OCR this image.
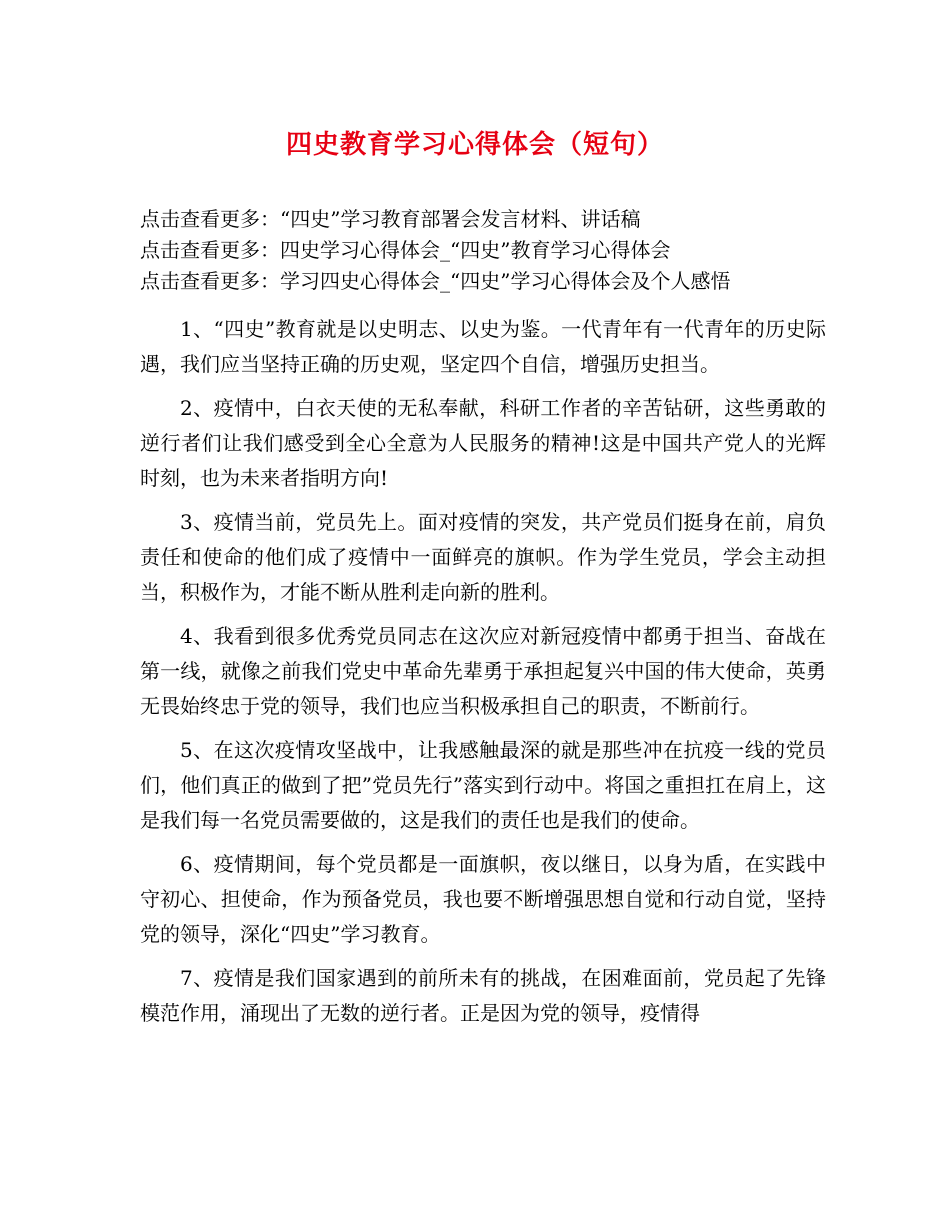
四史教育学习心得体会（短句）
点击查看更多：“四史”学习教育部署会发言材料、讲话稿
点击查看更多：四史学习心得体会_“四史”教育学习心得体会
点击查看更多：学习四史心得体会_“四史”学习心得体会及个人感悟

1、“四史”教育就是以史明志、以史为鉴。一代青年有一代青年的历史际遇，我们应当坚持正确的历史观，坚定四个自信，增强历史担当。

2、疫情中，白衣天使的无私奉献，科研工作者的辛苦钻研，这些勇敢的逆行者们让我们感受到全心全意为人民服务的精神!这是中国共产党人的光辉时刻，也为未来者指明方向!

3、疫情当前，党员先上。面对疫情的突发，共产党员们挺身在前，肩负责任和使命的他们成了疫情中一面鲜亮的旗帜。作为学生党员，学会主动担当，积极作为，才能不断从胜利走向新的胜利。

4、我看到很多优秀党员同志在这次应对新冠疫情中都勇于担当、奋战在第一线，就像之前我们党史中革命先辈勇于承担起复兴中国的伟大使命，英勇无畏始终忠于党的领导，我们也应当积极承担自己的职责，不断前行。

5、在这次疫情攻坚战中，让我感触最深的就是那些冲在抗疫一线的党员们，他们真正的做到了把”党员先行”落实到行动中。将国之重担扛在肩上，这是我们每一名党员需要做的，这是我们的责任也是我们的使命。

6、疫情期间，每个党员都是一面旗帜，夜以继日，以身为盾，在实践中守初心、担使命，作为预备党员，我也要不断增强思想自觉和行动自觉，坚持党的领导，深化“四史”学习教育。

7、疫情是我们国家遇到的前所未有的挑战，在困难面前，党员起了先锋模范作用，涌现出了无数的逆行者。正是因为党的领导，疫情得
